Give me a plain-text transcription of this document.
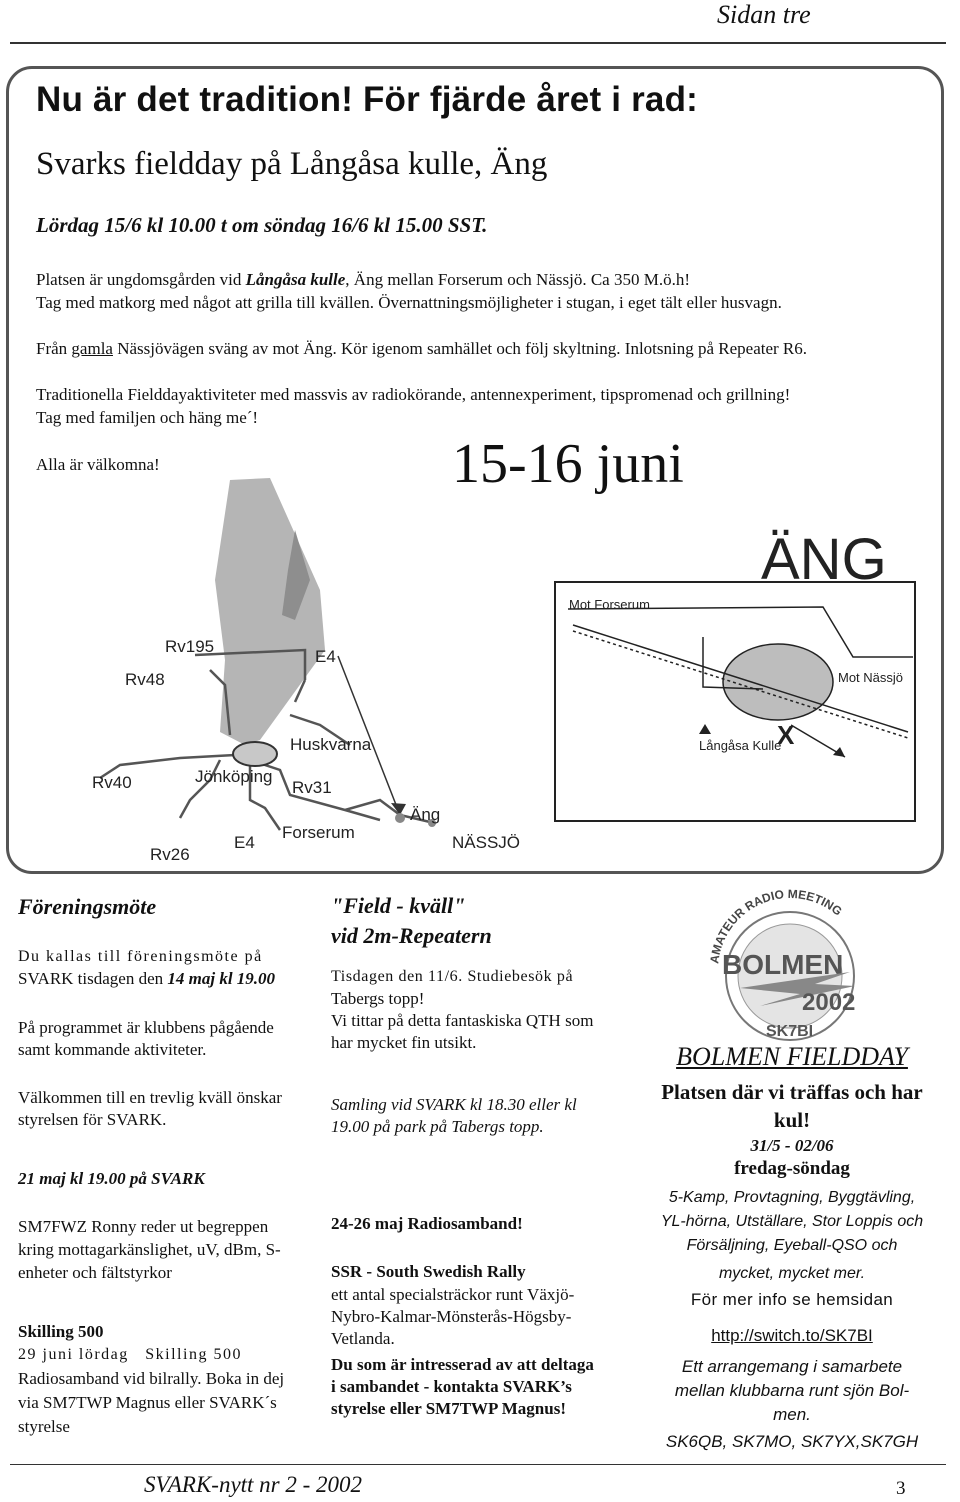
Sidan tre
Nu är det tradition! För fjärde året i rad:
Svarks fieldday på Långåsa kulle, Äng
Lördag 15/6 kl 10.00 t om söndag 16/6 kl 15.00 SST.
Platsen är ungdomsgården vid Långåsa kulle, Äng mellan Forserum och Nässjö. Ca 350 M.ö.h!
Tag med matkorg med något att grilla till kvällen. Övernattningsmöjligheter i stugan, i eget tält eller husvagn.
Från gamla Nässjövägen sväng av mot Äng. Kör igenom samhället och följ skyltning. Inlotsning på Repeater R6.
Traditionella Fielddayaktiviteter med massvis av radiokörande, antennexperiment, tipspromenad och grillning!
Tag med familjen och häng me´!
Alla är välkomna!	15-16 juni
Rv195
E4
Rv48
Huskvarna
Rv40	Jönköping
Rv31
Äng
Forserum
NÄSSJÖ
E4
Rv26
ÄNG
Mot Forserum
Mot Nässjö
Långåsa Kulle
X
Föreningsmöte
Du kallas till föreningsmöte på
SVARK tisdagen den 14 maj kl 19.00
På programmet är klubbens pågående
samt kommande aktiviteter.
Välkommen till en trevlig kväll önskar
styrelsen för SVARK.
21 maj kl 19.00 på SVARK
SM7FWZ Ronny reder ut begreppen
kring mottagarkänslighet, uV, dBm, S-
enheter och fältstyrkor
Skilling 500
29 juni lördag   Skilling 500
Radiosamband vid bilrally. Boka in dej
via SM7TWP Magnus eller SVARK´s
styrelse
"Field - kväll"
vid 2m-Repeatern
Tisdagen den 11/6. Studiebesök på
Tabergs topp!
Vi tittar på detta fantaskiska QTH som
har mycket fin utsikt.
Samling vid SVARK kl 18.30 eller kl
19.00 på park på Tabergs topp.
24-26 maj Radiosamband!
SSR - South Swedish Rally
ett antal specialsträckor runt Växjö-
Nybro-Kalmar-Mönsterås-Högsby-
Vetlanda.
Du som är intresserad av att deltaga
i sambandet - kontakta SVARK’s
styrelse eller SM7TWP Magnus!
AMATEUR RADIO MEETING
BOLMEN
2002
SK7BI
BOLMEN FIELDDAY
Platsen där vi träffas och har
kul!
31/5 - 02/06
fredag-söndag
5-Kamp, Provtagning, Byggtävling,
YL-hörna, Utställare, Stor Loppis och
Försäljning, Eyeball-QSO och
mycket, mycket mer.
För mer info se hemsidan
http://switch.to/SK7BI
Ett arrangemang i samarbete
mellan klubbarna runt sjön Bol-
men.
SK6QB, SK7MO, SK7YX,SK7GH
SVARK-nytt nr 2 - 2002	3
